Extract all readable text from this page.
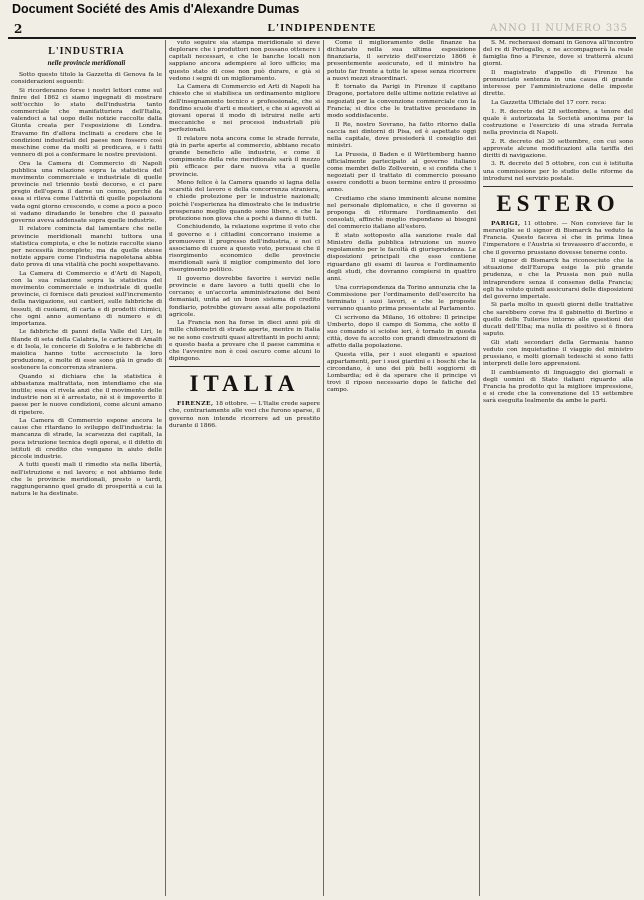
Document Société des Amis d'Alexandre Dumas
2	L'INDIPENDENTE	ANNO II NUMERO 335
L'INDUSTRIA
nelle provincie meridionali

Sotto questo titolo la Gazzetta di Genova fa le considerazioni seguenti:

Si ricorderanno forse i nostri lettori come sul finire del 1862 ci siamo ingegnati di mostrare sott'occhio lo stato dell'industria tanto commerciale che manifatturiera dell'Italia, valendoci a tal uopo delle notizie raccolte dalla Giunta creata per l'esposizione di Londra. Eravamo fin d'allora inclinati a credere che le condizioni industriali del paese non fossero così meschine come da molti si predicava, e i fatti vennero di poi a confermare le nostre previsioni.

Ora la Camera di Commercio di Napoli pubblica una relazione sopra la statistica del movimento commerciale e industriale di quelle provincie nel triennio testè decorso, e ci pare pregio dell'opera il darne un cenno, perchè da essa si rileva come l'attività di quelle popolazioni vada ogni giorno crescendo, e come a poco a poco si vadano diradando le tenebre che il passato governo aveva addensate sopra quelle industrie.

Il relatore comincia dal lamentare che nelle provincie meridionali manchi tuttora una statistica compiuta, e che le notizie raccolte siano per necessità incomplete; ma da quelle stesse notizie appare come l'industria napoletana abbia dato prova di una vitalità che pochi sospettavano.

La Camera di Commercio e d'Arti di Napoli, con la sua relazione sopra la statistica del movimento commerciale e industriale di quelle provincie, ci fornisce dati preziosi sull'incremento della navigazione, sui cantieri, sulle fabbriche di tessuti, di cuoiami, di carta e di prodotti chimici, che ogni anno aumentano di numero e di importanza.

Le fabbriche di panni della Valle del Liri, le filande di seta della Calabria, le cartiere di Amalfi e di Isola, le concerie di Solofra e le fabbriche di maiolica hanno tutte accresciuto la loro produzione, e molte di esse sono già in grado di sostenere la concorrenza straniera.

Quando si dichiara che la statistica è abbastanza maltrattata, non intendiamo che sia inutile; essa ci rivela anzi che il movimento delle industrie non si è arrestato, nè si è impoverito il paese per le nuove condizioni, come alcuni amano di ripetere.

La Camera di Commercio espone ancora le cause che ritardano lo sviluppo dell'industria: la mancanza di strade, la scarsezza dei capitali, la poca istruzione tecnica degli operai, e il difetto di istituti di credito che vengano in aiuto delle piccole industrie.

A tutti questi mali il rimedio sta nella libertà, nell'istruzione e nel lavoro; e noi abbiamo fede che le provincie meridionali, presto o tardi, raggiungeranno quel grado di prosperità a cui la natura le ha destinate.

vuto seguire sia stampa meridionale si deve deplorare che i produttori non possano ottenere i capitali necessari, e che le banche locali non sappiano ancora adempiere al loro ufficio; ma questo stato di cose non può durare, e già si vedono i segni di un miglioramento.

La Camera di Commercio ed Arti di Napoli ha chiesto che si stabilisca un ordinamento migliore dell'insegnamento tecnico e professionale, che si fondino scuole d'arti e mestieri, e che si agevoli ai giovani operai il modo di istruirsi nelle arti meccaniche e nei processi industriali più perfezionati.

Il relatore nota ancora come le strade ferrate, già in parte aperte al commercio, abbiano recato grande beneficio alle industrie, e come il compimento della rete meridionale sarà il mezzo più efficace per dare nuova vita a quelle provincie.

Meno felice è la Camera quando si lagna della scarsità del lavoro e della concorrenza straniera, e chiede protezione per le industrie nazionali; poichè l'esperienza ha dimostrato che le industrie prosperano meglio quando sono libere, e che la protezione non giova che a pochi a danno di tutti.

Conchiudendo, la relazione esprime il voto che il governo e i cittadini concorrano insieme a promuovere il progresso dell'industria, e noi ci associamo di cuore a questo voto, persuasi che il risorgimento economico delle provincie meridionali sarà il miglior compimento del loro risorgimento politico.

Il governo dovrebbe favorire i servizi nelle provincie e dare lavoro a tutti quelli che lo cercano; e un'accorta amministrazione dei beni demaniali, unita ad un buon sistema di credito fondiario, potrebbe giovare assai alle popolazioni agricole.

La Francia non ha forse in dieci anni più di mille chilometri di strade aperte, mentre in Italia se ne sono costruiti quasi altrettanti in pochi anni; e questo basta a provare che il paese cammina e che l'avvenire non è così oscuro come alcuni lo dipingono.

ITALIA

FIRENZE, 18 ottobre. — L'Italie crede sapere che, contrariamente alle voci che furono sparse, il governo non intende ricorrere ad un prestito durante il 1866.

Come il miglioramento delle finanze ha dichiarato nella sua ultima esposizione finanziaria, il servizio dell'esercizio 1866 è presentemente assicurato, ed il ministro ha potuto far fronte a tutte le spese senza ricorrere a nuovi mezzi straordinari.

È tornato da Parigi in Firenze il capitano Dragone, portatore delle ultime notizie relative ai negoziati per la convenzione commerciale con la Francia; si dice che le trattative procedano in modo soddisfacente.

Il Re, nostro Sovrano, ha fatto ritorno dalla caccia nei dintorni di Pisa, ed è aspettato oggi nella capitale, dove presiederà il consiglio dei ministri.

La Prussia, il Baden e il Württemberg hanno ufficialmente partecipato al governo italiano come membri dello Zollverein, e si confida che i negoziati per il trattato di commercio possano essere condotti a buon termine entro il prossimo anno.

Crediamo che siano imminenti alcune nomine nel personale diplomatico, e che il governo si proponga di riformare l'ordinamento dei consolati, affinchè meglio rispondano ai bisogni del commercio italiano all'estero.

È stato sottoposto alla sanzione reale dal Ministro della pubblica istruzione un nuovo regolamento per le facoltà di giurisprudenza. Le disposizioni principali che esso contiene riguardano gli esami di laurea e l'ordinamento degli studi, che dovranno compiersi in quattro anni.

Una corrispondenza da Torino annunzia che la Commissione per l'ordinamento dell'esercito ha terminato i suoi lavori, e che le proposte verranno quanto prima presentate al Parlamento.

Ci scrivono da Milano, 16 ottobre: Il principe Umberto, dopo il campo di Somma, che sotto il suo comando si sciolse ieri, è tornato in questa città, dove fu accolto con grandi dimostrazioni di affetto dalla popolazione.

Questa villa, per i suoi eleganti e spaziosi appartamenti, per i suoi giardini e i boschi che la circondano, è uno dei più belli soggiorni di Lombardia; ed è da sperare che il principe vi trovi il riposo necessario dopo le fatiche del campo.

S. M. recherassi domani in Genova all'incontro del re di Portogallo, e ne accompagnerà la reale famiglia fino a Firenze, dove si tratterrà alcuni giorni.

Il magistrato d'appello di Firenze ha pronunciato sentenza in una causa di grande interesse per l'amministrazione delle imposte dirette.

La Gazzetta Ufficiale del 17 corr. reca:

1. R. decreto del 28 settembre, a tenore del quale è autorizzata la Società anonima per la costruzione e l'esercizio di una strada ferrata nella provincia di Napoli.

2. R. decreto del 30 settembre, con cui sono approvate alcune modificazioni alla tariffa dei diritti di navigazione.

3. R. decreto del 5 ottobre, con cui è istituita una commissione per lo studio delle riforme da introdursi nel servizio postale.

ESTERO

PARIGI, 11 ottobre. — Non convieve far le meraviglie se il signor di Bismarck ha veduto la Francia. Questo faceva sì che in prima linea l'imperatore e l'Austria si trovassero d'accordo, e che il governo prussiano dovesse tenerne conto.

Il signor di Bismarck ha riconosciuto che la situazione dell'Europa esige la più grande prudenza, e che la Prussia non può nulla intraprendere senza il consenso della Francia; egli ha voluto quindi assicurarsi delle disposizioni del governo imperiale.

Si parla molto in questi giorni delle trattative che sarebbero corse fra il gabinetto di Berlino e quello delle Tuileries intorno alle questioni dei ducati dell'Elba; ma nulla di positivo si è finora saputo.

Gli stati secondari della Germania hanno veduto con inquietudine il viaggio del ministro prussiano, e molti giornali tedeschi si sono fatti interpreti delle loro apprensioni.

Il cambiamento di linguaggio dei giornali e degli uomini di Stato italiani riguardo alla Francia ha prodotto qui la migliore impressione, e si crede che la convenzione del 15 settembre sarà eseguita lealmente da ambe le parti.
